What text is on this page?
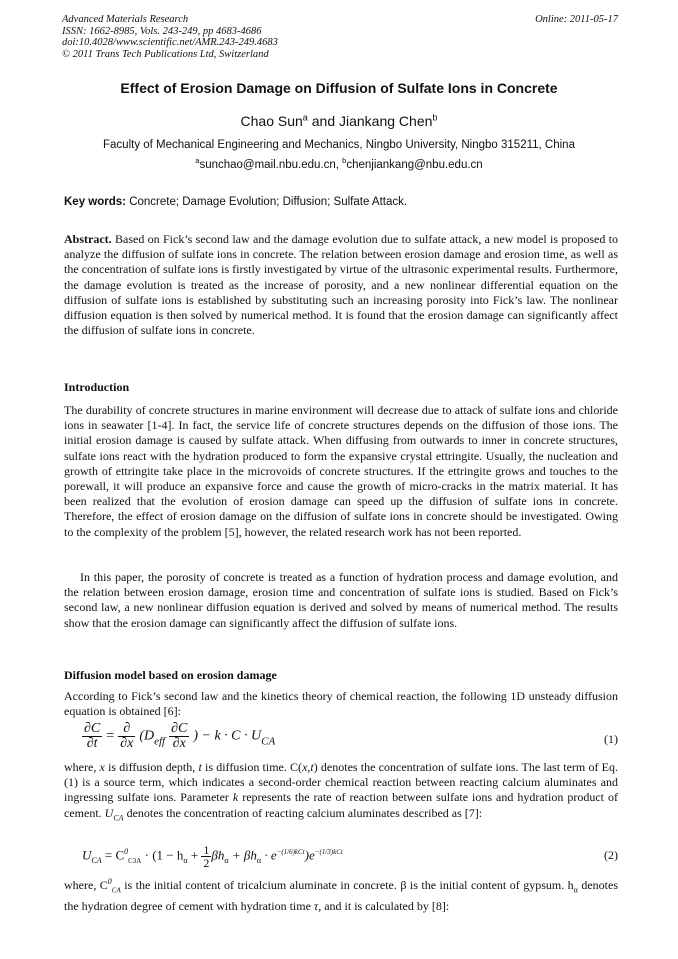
Advanced Materials Research
ISSN: 1662-8985, Vols. 243-249, pp 4683-4686
doi:10.4028/www.scientific.net/AMR.243-249.4683
© 2011 Trans Tech Publications Ltd, Switzerland
Online: 2011-05-17
Effect of Erosion Damage on Diffusion of Sulfate Ions in Concrete
Chao Sun$^a$ and Jiankang Chen$^b$
Faculty of Mechanical Engineering and Mechanics, Ningbo University, Ningbo 315211, China
$^a$sunchao@mail.nbu.edu.cn, $^b$chenjiankang@nbu.edu.cn
Key words: Concrete; Damage Evolution; Diffusion; Sulfate Attack.
Abstract. Based on Fick’s second law and the damage evolution due to sulfate attack, a new model is proposed to analyze the diffusion of sulfate ions in concrete. The relation between erosion damage and erosion time, as well as the concentration of sulfate ions is firstly investigated by virtue of the ultrasonic experimental results. Furthermore, the damage evolution is treated as the increase of porosity, and a new nonlinear differential equation on the diffusion of sulfate ions is established by substituting such an increasing porosity into Fick’s law. The nonlinear diffusion equation is then solved by numerical method. It is found that the erosion damage can significantly affect the diffusion of sulfate ions in concrete.
Introduction
The durability of concrete structures in marine environment will decrease due to attack of sulfate ions and chloride ions in seawater [1-4]. In fact, the service life of concrete structures depends on the diffusion of those ions. The initial erosion damage is caused by sulfate attack. When diffusing from outwards to inner in concrete structures, sulfate ions react with the hydration produced to form the expansive crystal ettringite. Usually, the nucleation and growth of ettringite take place in the microvoids of concrete structures. If the ettringite grows and touches to the porewall, it will produce an expansive force and cause the growth of micro-cracks in the matrix material. It has been realized that the evolution of erosion damage can speed up the diffusion of sulfate ions in concrete. Therefore, the effect of erosion damage on the diffusion of sulfate ions in concrete should be investigated. Owing to the complexity of the problem [5], however, the related research work has not been reported.
In this paper, the porosity of concrete is treated as a function of hydration process and damage evolution, and the relation between erosion damage, erosion time and concentration of sulfate ions is studied. Based on Fick’s second law, a new nonlinear diffusion equation is derived and solved by means of numerical method. The results show that the erosion damage can significantly affect the diffusion of sulfate ions.
Diffusion model based on erosion damage
According to Fick’s second law and the kinetics theory of chemical reaction, the following 1D unsteady diffusion equation is obtained [6]:
$\frac{\partial C}{\partial t} = \frac{\partial}{\partial x} (D_{eff} \frac{\partial C}{\partial x}$ ) − $k \cdot C \cdot U_{CA}$	(1)
where, x is diffusion depth, t is diffusion time. C(x,t) denotes the concentration of sulfate ions. The last term of Eq. (1) is a source term, which indicates a second-order chemical reaction between reacting calcium aluminates and ingressing sulfate ions. Parameter k represents the rate of reaction between sulfate ions and hydration product of cement. $U_{CA}$ denotes the concentration of reacting calcium aluminates described as [7]:
$U_{CA} = C^0_{C3A} \cdot (1 - h_\alpha + \frac{1}{2} \beta h_\alpha + \beta h_\alpha \cdot e^{-(1/6)kCt})e^{-(1/3)kCt}$	(2)
where, $C^0_{CA}$ is the initial content of tricalcium aluminate in concrete. β is the initial content of gypsum. $h_\alpha$ denotes the hydration degree of cement with hydration time τ, and it is calculated by [8]:
